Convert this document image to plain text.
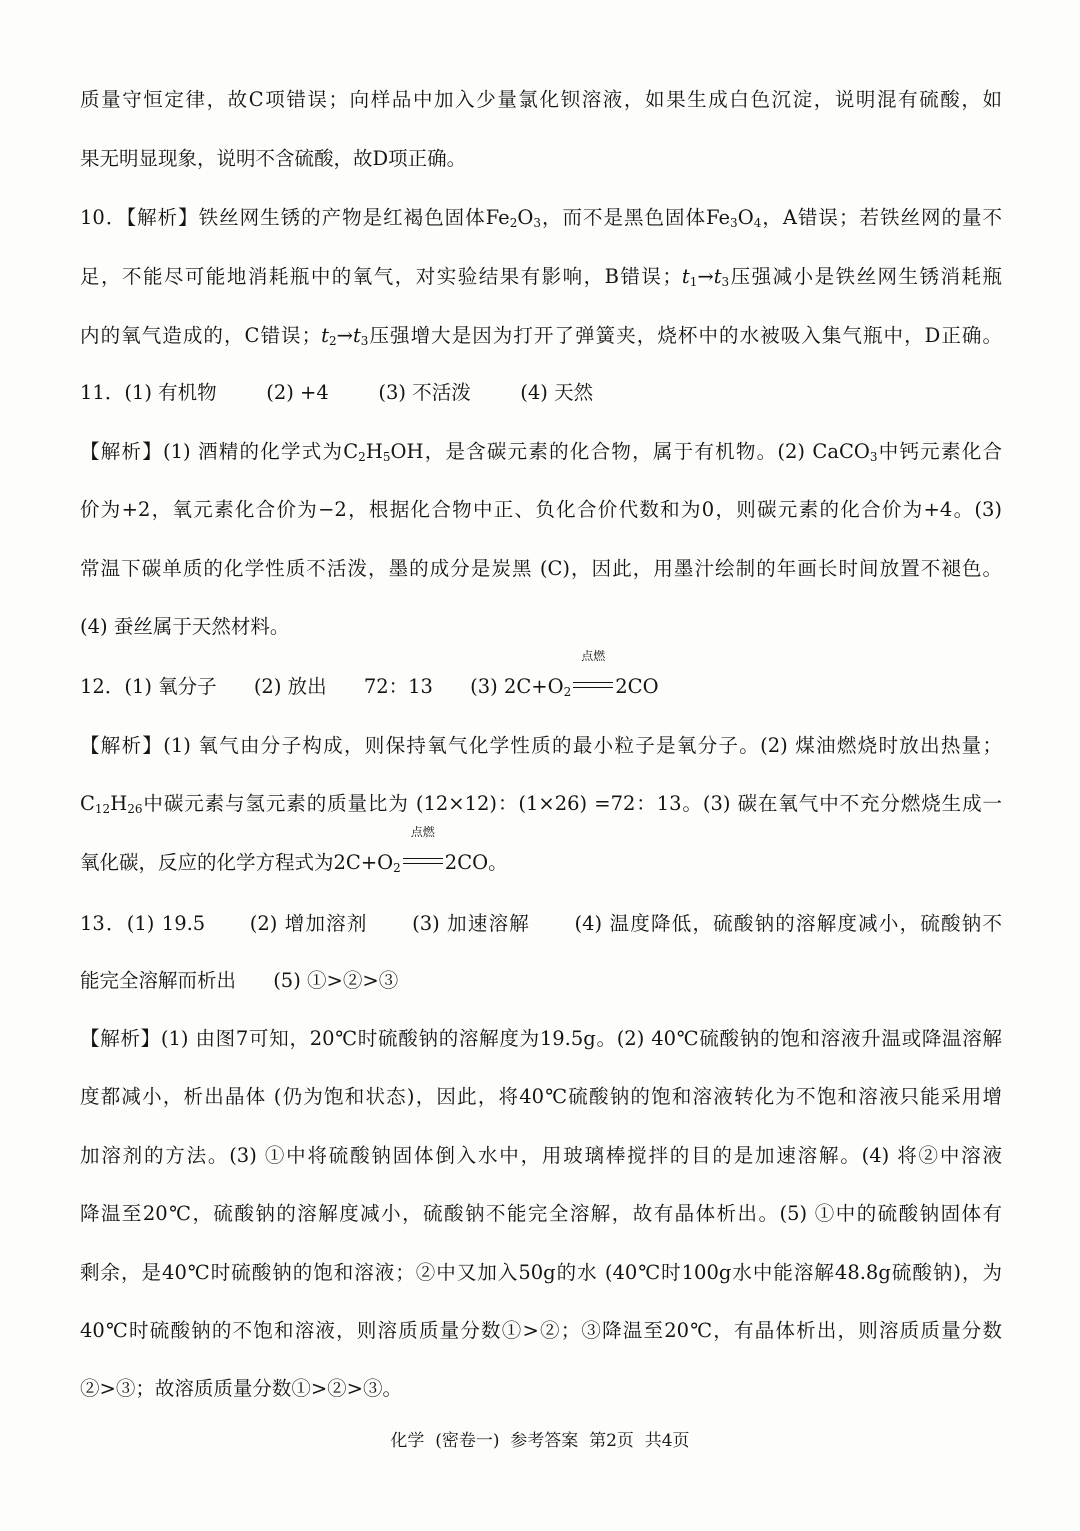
质量守恒定律，故C项错误；向样品中加入少量氯化钡溶液，如果生成白色沉淀，说明混有硫酸，如
果无明显现象，说明不含硫酸，故D项正确。
10．【解析】铁丝网生锈的产物是红褐色固体$Fe_2O_3$，而不是黑色固体$Fe_3O_4$，A错误；若铁丝网的量不
足，不能尽可能地消耗瓶中的氧气，对实验结果有影响，B错误；$t_1\to t_3$压强减小是铁丝网生锈消耗瓶
内的氧气造成的，C错误；$t_2\to t_3$压强增大是因为打开了弹簧夹，烧杯中的水被吸入集气瓶中，D正确。
11．(1) 有机物        (2) +4        (3) 不活泼        (4) 天然
【解析】(1) 酒精的化学式为$C_2H_5OH$，是含碳元素的化合物，属于有机物。(2) CaCO$_3$中钙元素化合
价为+2，氧元素化合价为−2，根据化合物中正、负化合价代数和为0，则碳元素的化合价为+4。(3)
常温下碳单质的化学性质不活泼，墨的成分是炭黑 (C)，因此，用墨汁绘制的年画长时间放置不褪色。
(4) 蚕丝属于天然材料。
12．(1) 氧分子      (2) 放出      72：13      (3) $2C+O_2$
点燃
2CO
【解析】(1) 氧气由分子构成，则保持氧气化学性质的最小粒子是氧分子。(2) 煤油燃烧时放出热量；
$C_{12}H_{26}$中碳元素与氢元素的质量比为 (12×12)：(1×26) =72：13。(3) 碳在氧气中不充分燃烧生成一
氧化碳，反应的化学方程式为$2C+O_2$
点燃
2CO。
13．(1) 19.5      (2) 增加溶剂      (3) 加速溶解      (4) 温度降低，硫酸钠的溶解度减小，硫酸钠不
能完全溶解而析出      (5) ①>②>③
【解析】(1) 由图7可知，20℃时硫酸钠的溶解度为19.5g。(2) 40℃硫酸钠的饱和溶液升温或降温溶解
度都减小，析出晶体 (仍为饱和状态)，因此，将40℃硫酸钠的饱和溶液转化为不饱和溶液只能采用增
加溶剂的方法。(3) ①中将硫酸钠固体倒入水中，用玻璃棒搅拌的目的是加速溶解。(4) 将②中溶液
降温至20℃，硫酸钠的溶解度减小，硫酸钠不能完全溶解，故有晶体析出。(5) ①中的硫酸钠固体有
剩余，是40℃时硫酸钠的饱和溶液；②中又加入50g的水 (40℃时100g水中能溶解48.8g硫酸钠)，为
40℃时硫酸钠的不饱和溶液，则溶质质量分数①>②；③降温至20℃，有晶体析出，则溶质质量分数
②>③；故溶质质量分数①>②>③。
化学  (密卷一)  参考答案  第2页  共4页
